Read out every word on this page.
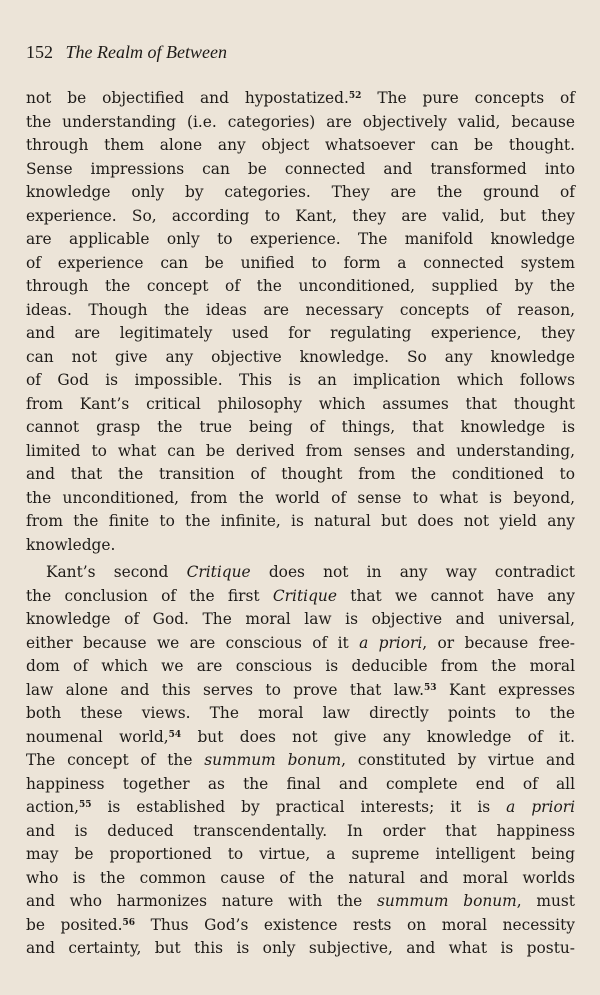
152 The Realm of Between
not be objectified and hypostatized.$^{52}$ The pure concepts of
the understanding (i.e. categories) are objectively valid, because
through them alone any object whatsoever can be thought.
Sense impressions can be connected and transformed into
knowledge only by categories. They are the ground of
experience. So, according to Kant, they are valid, but they
are applicable only to experience. The manifold knowledge
of experience can be unified to form a connected system
through the concept of the unconditioned, supplied by the
ideas. Though the ideas are necessary concepts of reason,
and are legitimately used for regulating experience, they
can not give any objective knowledge. So any knowledge
of God is impossible. This is an implication which follows
from Kant’s critical philosophy which assumes that thought
cannot grasp the true being of things, that knowledge is
limited to what can be derived from senses and understanding,
and that the transition of thought from the conditioned to
the unconditioned, from the world of sense to what is beyond,
from the finite to the infinite, is natural but does not yield any
knowledge.
Kant’s second Critique does not in any way contradict
the conclusion of the first Critique that we cannot have any
knowledge of God. The moral law is objective and universal,
either because we are conscious of it a priori, or because free-
dom of which we are conscious is deducible from the moral
law alone and this serves to prove that law.$^{53}$ Kant expresses
both these views. The moral law directly points to the
noumenal world,$^{54}$ but does not give any knowledge of it.
The concept of the summum bonum, constituted by virtue and
happiness together as the final and complete end of all
action,$^{55}$ is established by practical interests; it is a priori
and is deduced transcendentally. In order that happiness
may be proportioned to virtue, a supreme intelligent being
who is the common cause of the natural and moral worlds
and who harmonizes nature with the summum bonum, must
be posited.$^{56}$ Thus God’s existence rests on moral necessity
and certainty, but this is only subjective, and what is postu-
